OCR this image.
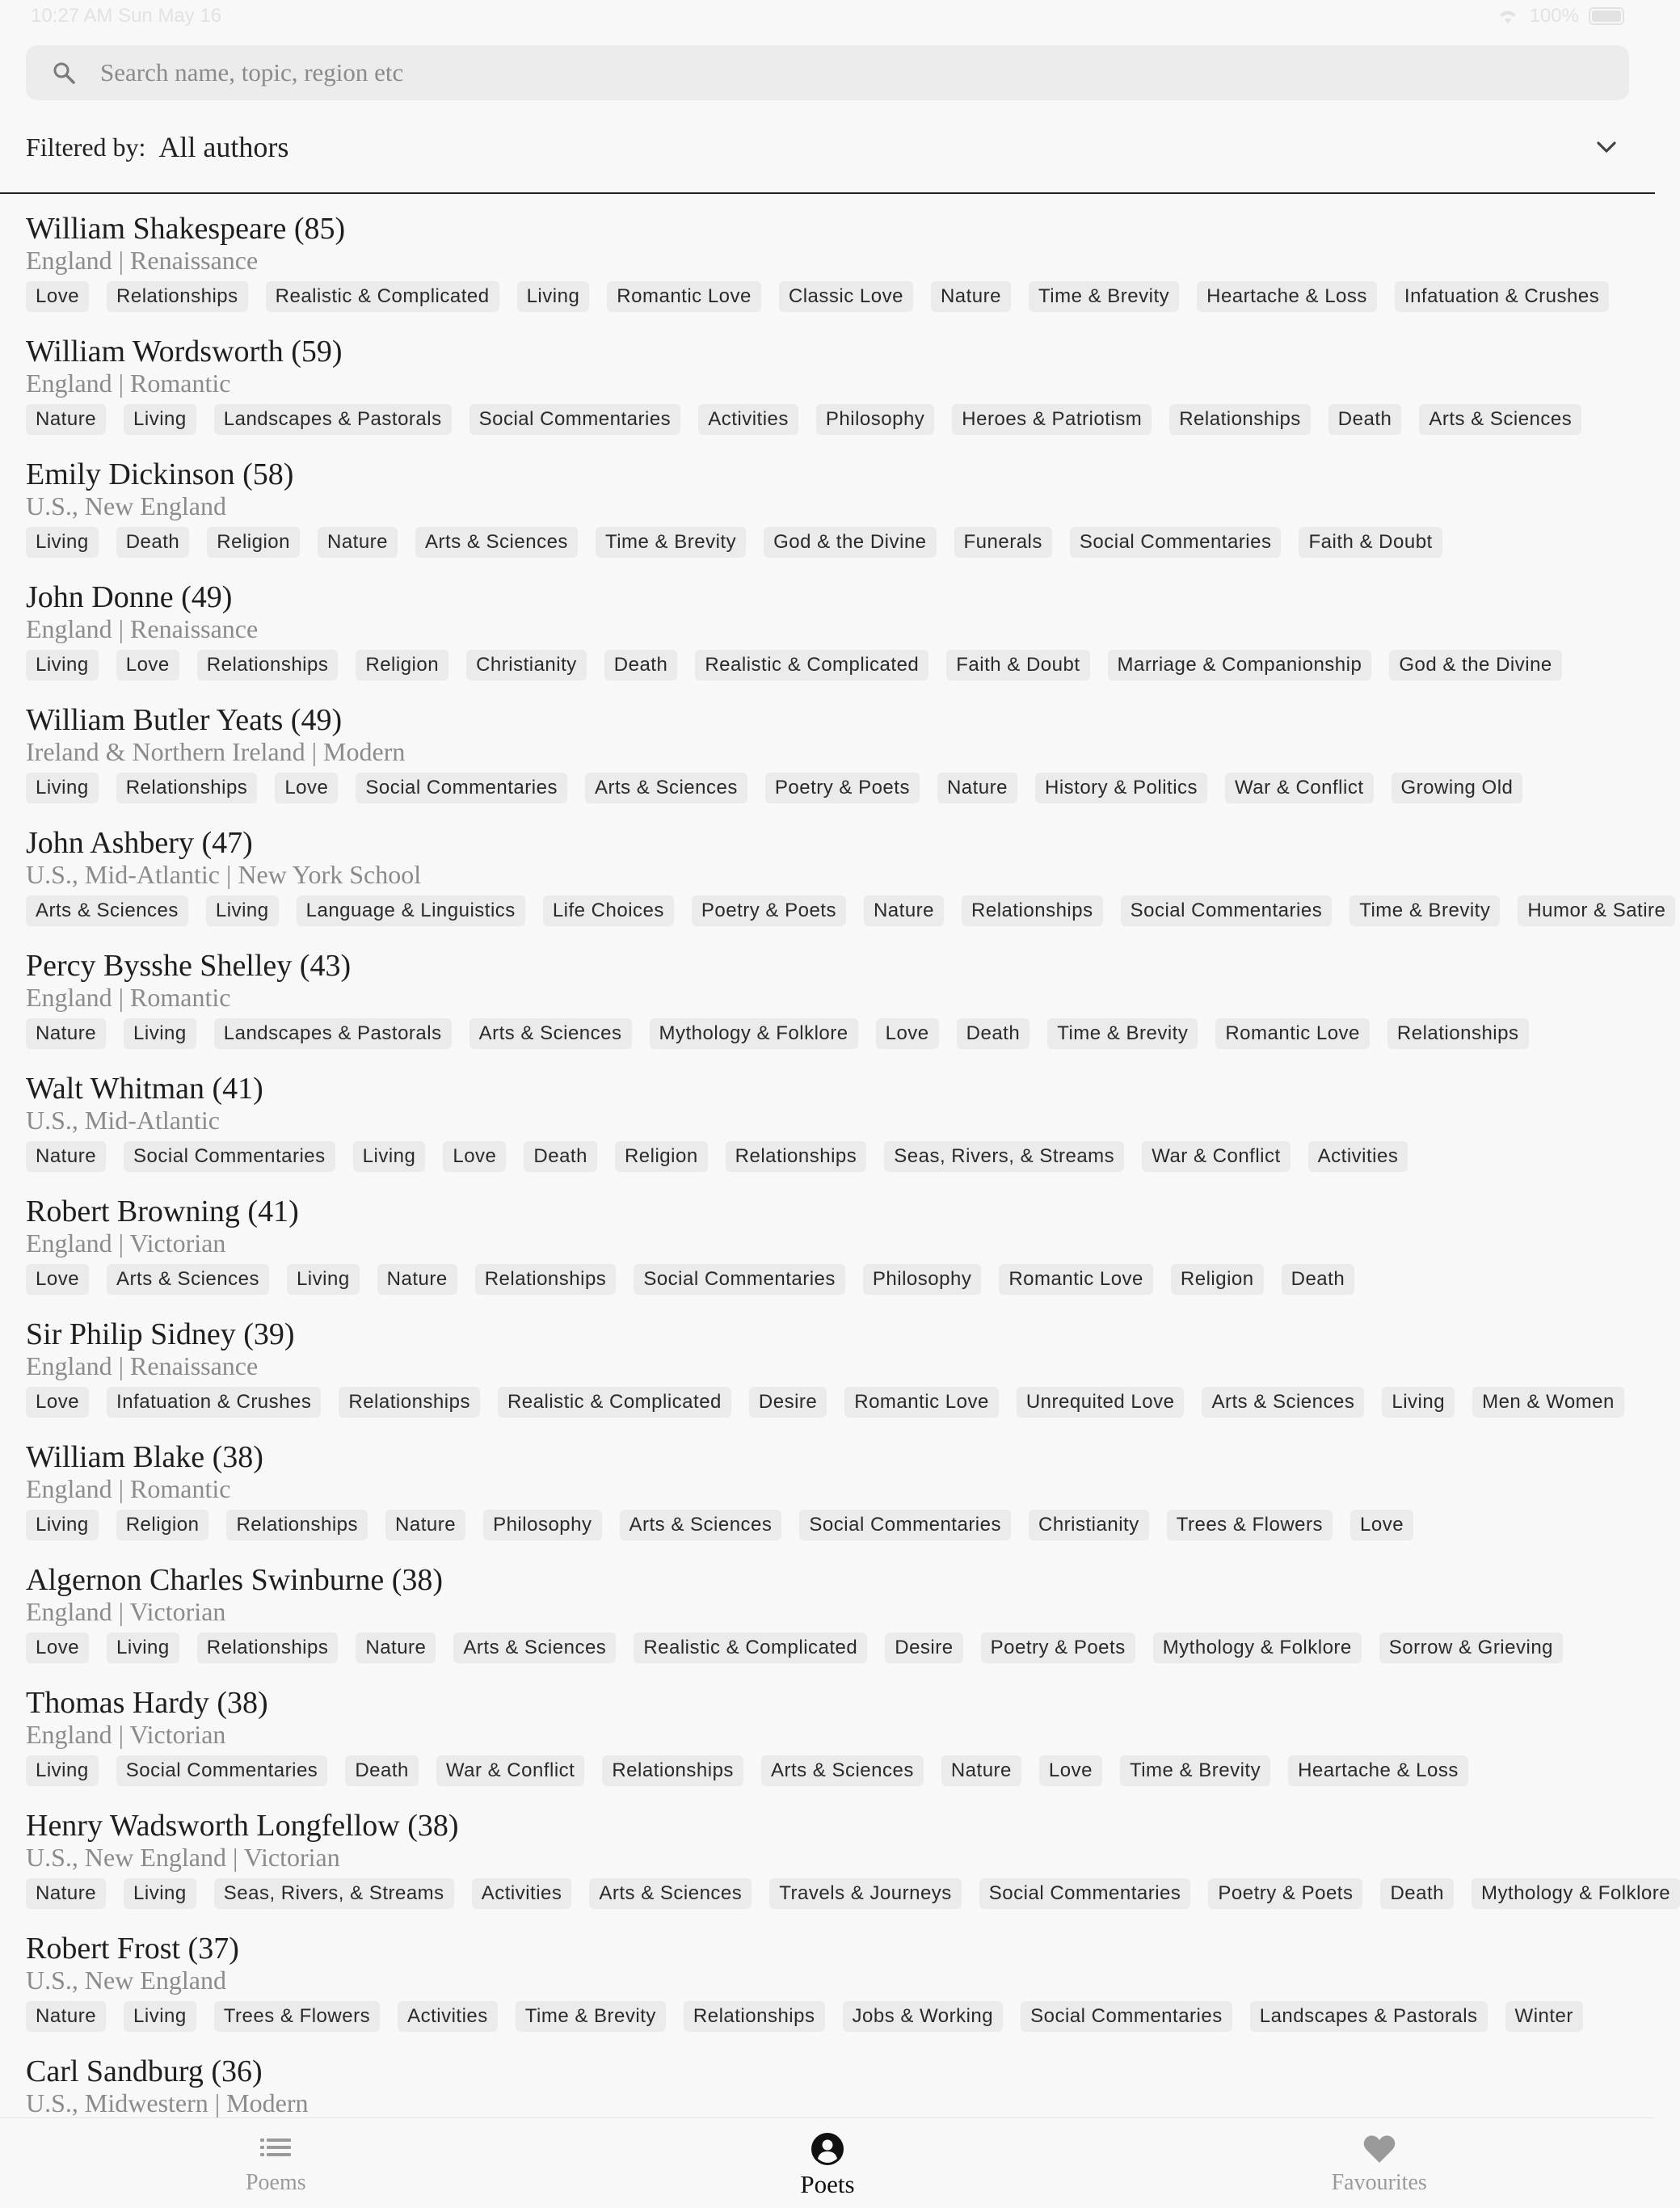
10:27 AM Sun May 16	100%
Search name, topic, region etc
Filtered by: All authors
William Shakespeare (85)
England | Renaissance
Love	Relationships	Realistic & Complicated	Living	Romantic Love	Classic Love	Nature	Time & Brevity	Heartache & Loss	Infatuation & Crushes
William Wordsworth (59)
England | Romantic
Nature	Living	Landscapes & Pastorals	Social Commentaries	Activities	Philosophy	Heroes & Patriotism	Relationships	Death	Arts & Sciences
Emily Dickinson (58)
U.S., New England
Living	Death	Religion	Nature	Arts & Sciences	Time & Brevity	God & the Divine	Funerals	Social Commentaries	Faith & Doubt
John Donne (49)
England | Renaissance
Living	Love	Relationships	Religion	Christianity	Death	Realistic & Complicated	Faith & Doubt	Marriage & Companionship	God & the Divine
William Butler Yeats (49)
Ireland & Northern Ireland | Modern
Living	Relationships	Love	Social Commentaries	Arts & Sciences	Poetry & Poets	Nature	History & Politics	War & Conflict	Growing Old
John Ashbery (47)
U.S., Mid-Atlantic | New York School
Arts & Sciences	Living	Language & Linguistics	Life Choices	Poetry & Poets	Nature	Relationships	Social Commentaries	Time & Brevity	Humor & Satire
Percy Bysshe Shelley (43)
England | Romantic
Nature	Living	Landscapes & Pastorals	Arts & Sciences	Mythology & Folklore	Love	Death	Time & Brevity	Romantic Love	Relationships
Walt Whitman (41)
U.S., Mid-Atlantic
Nature	Social Commentaries	Living	Love	Death	Religion	Relationships	Seas, Rivers, & Streams	War & Conflict	Activities
Robert Browning (41)
England | Victorian
Love	Arts & Sciences	Living	Nature	Relationships	Social Commentaries	Philosophy	Romantic Love	Religion	Death
Sir Philip Sidney (39)
England | Renaissance
Love	Infatuation & Crushes	Relationships	Realistic & Complicated	Desire	Romantic Love	Unrequited Love	Arts & Sciences	Living	Men & Women
William Blake (38)
England | Romantic
Living	Religion	Relationships	Nature	Philosophy	Arts & Sciences	Social Commentaries	Christianity	Trees & Flowers	Love
Algernon Charles Swinburne (38)
England | Victorian
Love	Living	Relationships	Nature	Arts & Sciences	Realistic & Complicated	Desire	Poetry & Poets	Mythology & Folklore	Sorrow & Grieving
Thomas Hardy (38)
England | Victorian
Living	Social Commentaries	Death	War & Conflict	Relationships	Arts & Sciences	Nature	Love	Time & Brevity	Heartache & Loss
Henry Wadsworth Longfellow (38)
U.S., New England | Victorian
Nature	Living	Seas, Rivers, & Streams	Activities	Arts & Sciences	Travels & Journeys	Social Commentaries	Poetry & Poets	Death	Mythology & Folklore
Robert Frost (37)
U.S., New England
Nature	Living	Trees & Flowers	Activities	Time & Brevity	Relationships	Jobs & Working	Social Commentaries	Landscapes & Pastorals	Winter
Carl Sandburg (36)
U.S., Midwestern | Modern
Poems	Poets	Favourites
